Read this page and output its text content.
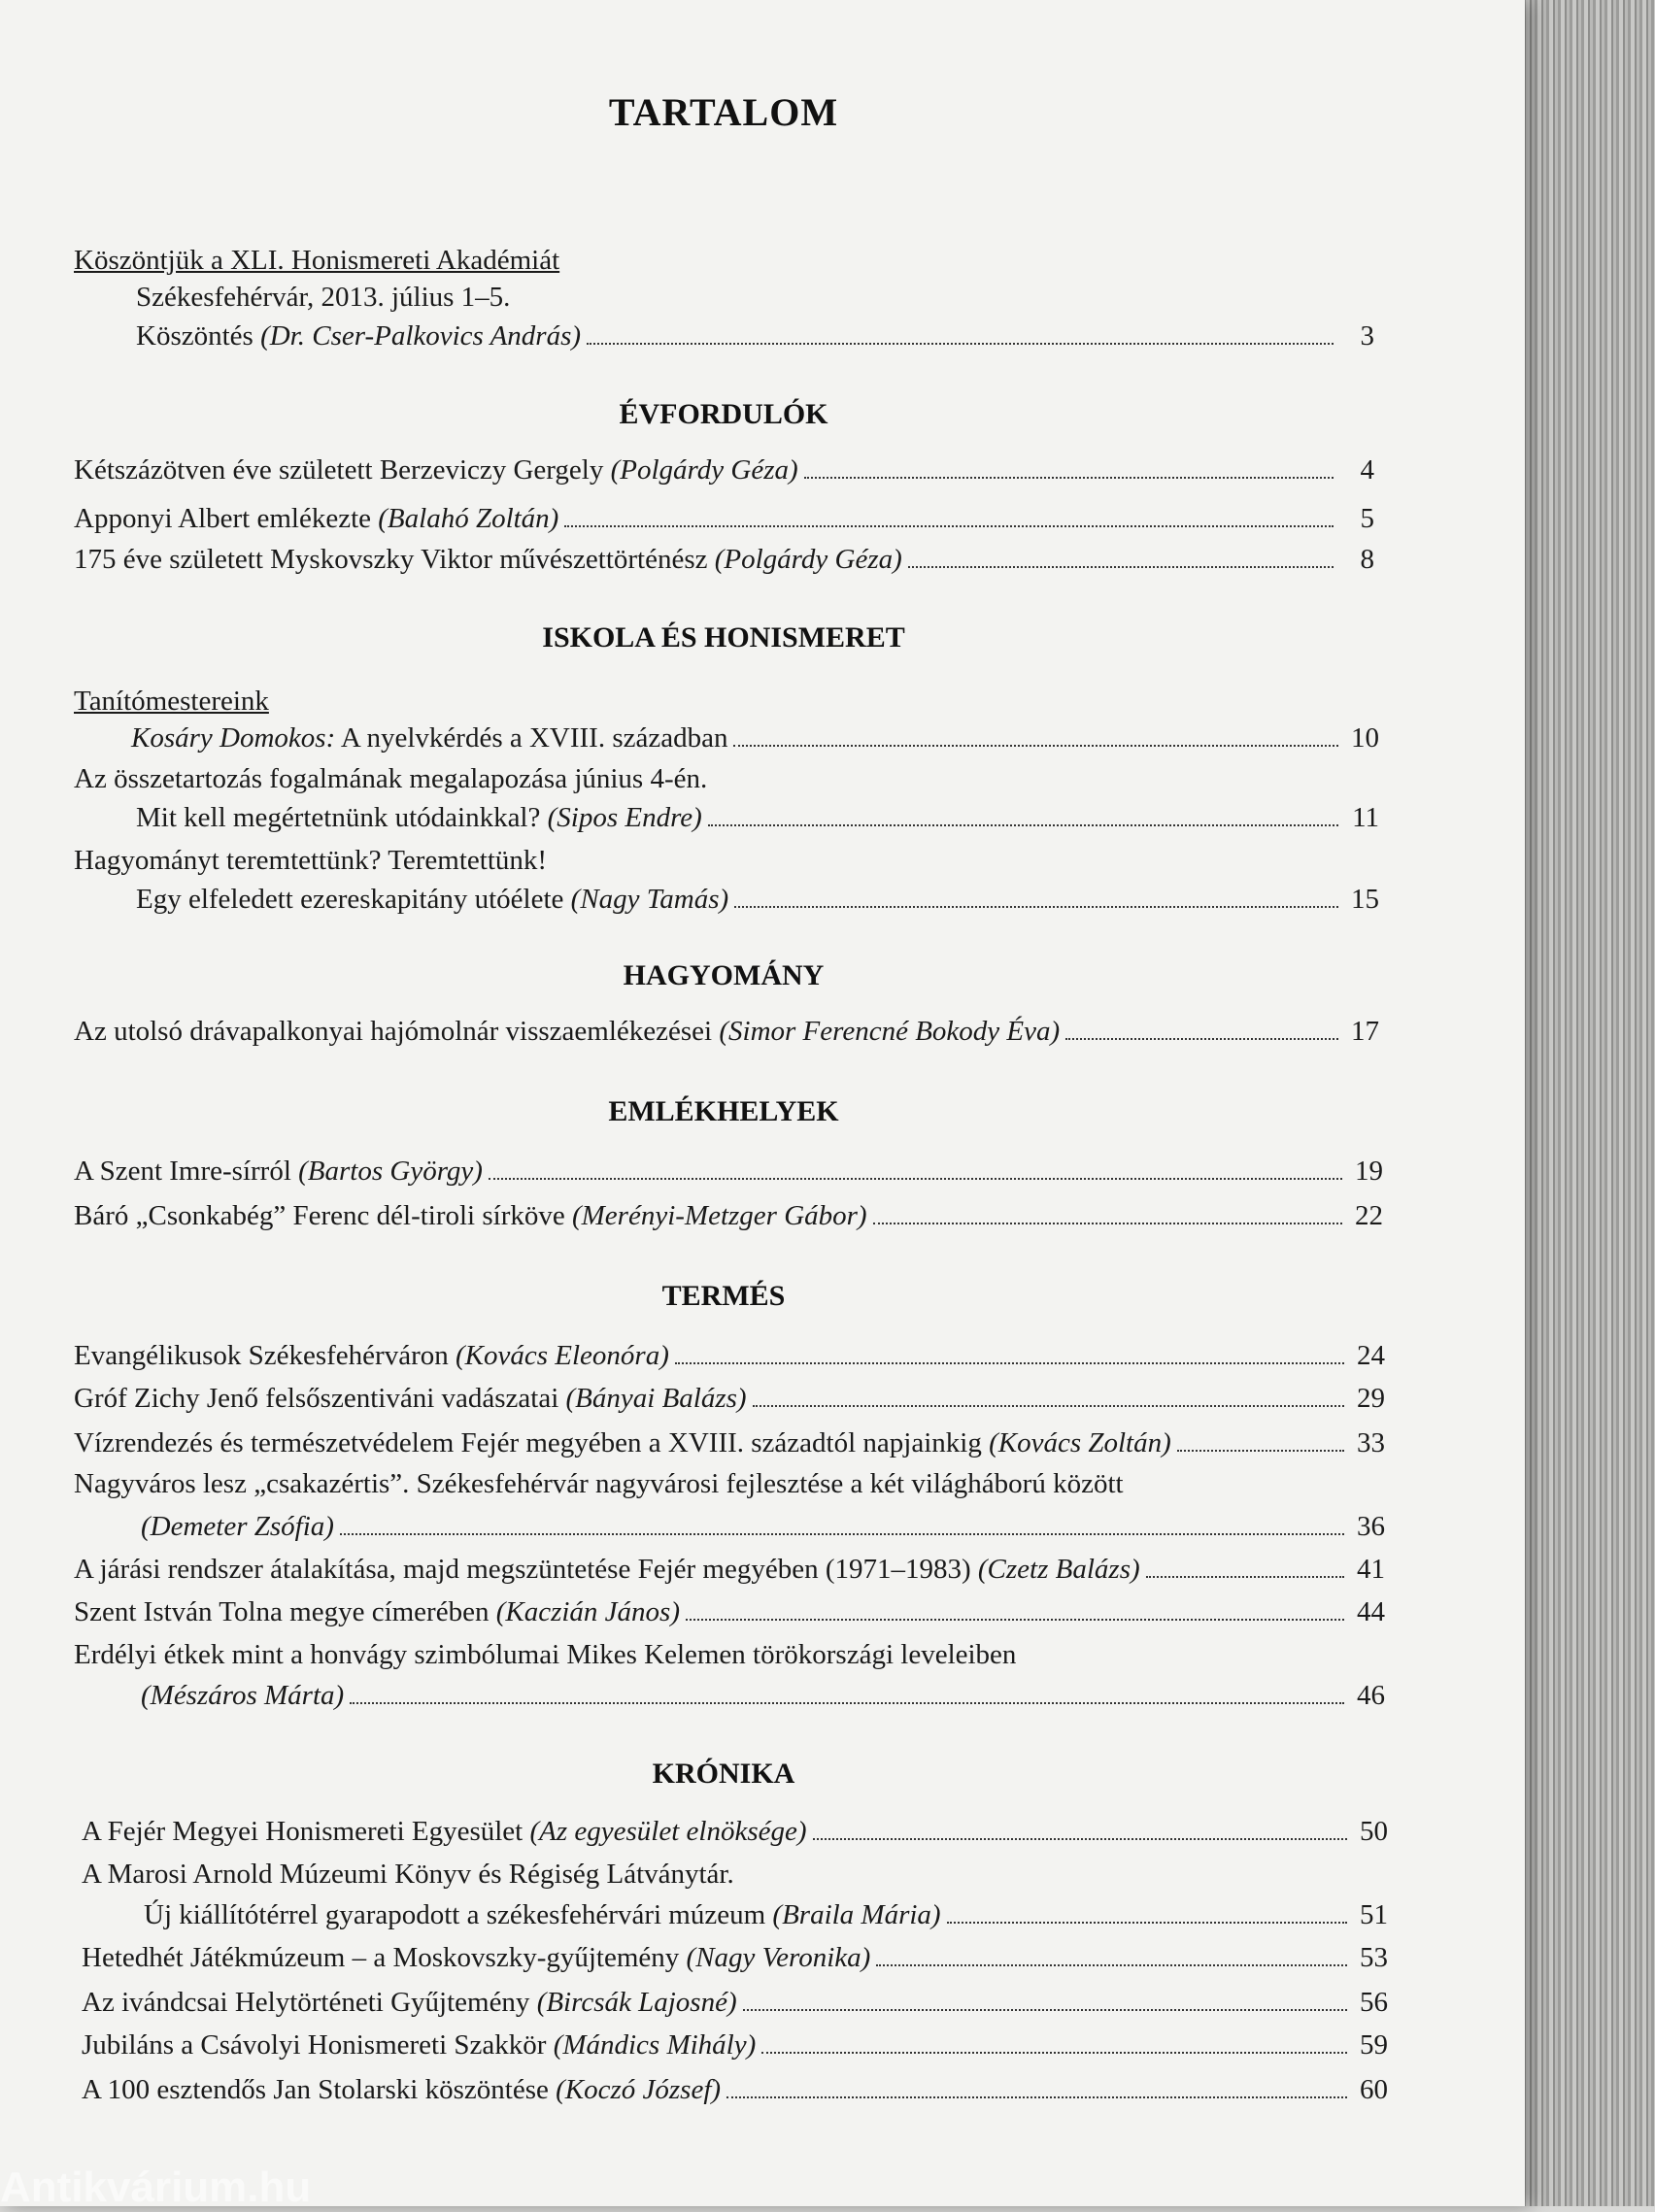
TARTALOM
Köszöntjük a XLI. Honismereti Akadémiát
Székesfehérvár, 2013. július 1–5.
Köszöntés (Dr. Cser-Palkovics András)	3
ÉVFORDULÓK
Kétszázötven éve született Berzeviczy Gergely (Polgárdy Géza)	4
Apponyi Albert emlékezte (Balahó Zoltán)	5
175 éve született Myskovszky Viktor művészettörténész (Polgárdy Géza)	8
ISKOLA ÉS HONISMERET
Tanítómestereink
Kosáry Domokos: A nyelvkérdés a XVIII. században	10
Az összetartozás fogalmának megalapozása június 4-én.
Mit kell megértetnünk utódainkkal? (Sipos Endre)	11
Hagyományt teremtettünk? Teremtettünk!
Egy elfeledett ezereskapitány utóélete (Nagy Tamás)	15
HAGYOMÁNY
Az utolsó drávapalkonyai hajómolnár visszaemlékezései (Simor Ferencné Bokody Éva)	17
EMLÉKHELYEK
A Szent Imre-sírról (Bartos György)	19
Báró „Csonkabég” Ferenc dél-tiroli sírköve (Merényi-Metzger Gábor)	22
TERMÉS
Evangélikusok Székesfehérváron (Kovács Eleonóra)	24
Gróf Zichy Jenő felsőszentiváni vadászatai (Bányai Balázs)	29
Vízrendezés és természetvédelem Fejér megyében a XVIII. századtól napjainkig (Kovács Zoltán)	33
Nagyváros lesz „csakazértis”. Székesfehérvár nagyvárosi fejlesztése a két világháború között
(Demeter Zsófia)	36
A járási rendszer átalakítása, majd megszüntetése Fejér megyében (1971–1983) (Czetz Balázs)	41
Szent István Tolna megye címerében (Kaczián János)	44
Erdélyi étkek mint a honvágy szimbólumai Mikes Kelemen törökországi leveleiben
(Mészáros Márta)	46
KRÓNIKA
A Fejér Megyei Honismereti Egyesület (Az egyesület elnöksége)	50
A Marosi Arnold Múzeumi Könyv és Régiség Látványtár.
Új kiállítótérrel gyarapodott a székesfehérvári múzeum (Braila Mária)	51
Hetedhét Játékmúzeum – a Moskovszky-gyűjtemény (Nagy Veronika)	53
Az ivándcsai Helytörténeti Gyűjtemény (Bircsák Lajosné)	56
Jubiláns a Csávolyi Honismereti Szakkör (Mándics Mihály)	59
A 100 esztendős Jan Stolarski köszöntése (Koczó József)	60
Antikvárium.hu
